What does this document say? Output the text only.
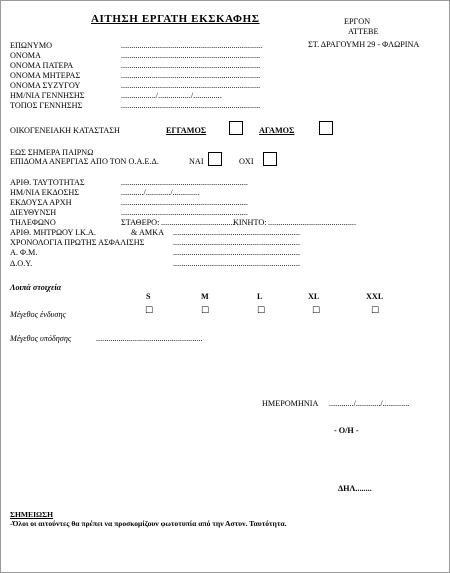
ΑΙΤΗΣΗ ΕΡΓΑΤΗ ΕΚΣΚΑΦΗΣ	ΕΡΓΟΝ
ΑΤΤΕΒΕ
ΣΤ. ΔΡΑΓΟΥΜΗ 29 - ΦΛΩΡΙΝΑ
ΕΠΩΝΥΜΟ	.....................................................................
ΟΝΟΜΑ	....................................................................
ΟΝΟΜΑ ΠΑΤΕΡΑ	....................................................................
ΟΝΟΜΑ ΜΗΤΕΡΑΣ	....................................................................
ΟΝΟΜΑ ΣΥΖΥΓΟΥ	....................................................................
ΗΜ/ΝΙΑ ΓΕΝΝΗΣΗΣ	................./................/..............
ΤΟΠΟΣ ΓΕΝΝΗΣΗΣ	....................................................................
ΟΙΚΟΓΕΝΕΙΑΚΗ ΚΑΤΑΣΤΑΣΗ	ΕΓΓΑΜΟΣ	ΑΓΑΜΟΣ
ΕΩΣ ΣΗΜΕΡΑ ΠΑΙΡΝΩ
ΕΠΙΔΟΜΑ ΑΝΕΡΓΙΑΣ ΑΠΟ ΤΟΝ Ο.Α.Ε.Δ.	ΝΑΙ	ΟΧΙ
ΑΡΙΘ. ΤΑΥΤΟΤΗΤΑΣ	..............................................................
ΗΜ/ΝΙΑ ΕΚΔΟΣΗΣ	.........../............/.............
ΕΚΔΟΥΣΑ ΑΡΧΗ	..............................................................
ΔΙΕΥΘΥΝΣΗ	..............................................................
ΤΗΛΕΦΩΝΟ	ΣΤΑΘΕΡΟ: ....................................
ΚΙΝΗΤΟ: ...........................................
ΑΡΙΘ. ΜΗΤΡΩΟΥ Ι.Κ.Α.	& ΑΜΚΑ ..............................................................
ΧΡΟΝΟΛΟΓΙΑ ΠΡΩΤΗΣ ΑΣΦΑΛΙΣΗΣ	..............................................................
Α. Φ.Μ.	..............................................................
Δ.Ο.Υ.	..............................................................
Λοιπά στοιχεία
S	M	L	XL	XXL
Μέγεθος ένδυσης	☐	☐	☐	☐	☐
Μέγεθος υπόδησης	....................................................
ΗΜΕΡΟΜΗΝΙΑ ............/............/.............
- Ο/Η -
ΔΗΛ........
ΣΗΜΕΙΩΣΗ
-Όλοι οι αιτούντες θα πρέπει να προσκομίζουν φωτοτυπία από την Αστυν. Ταυτότητα.
